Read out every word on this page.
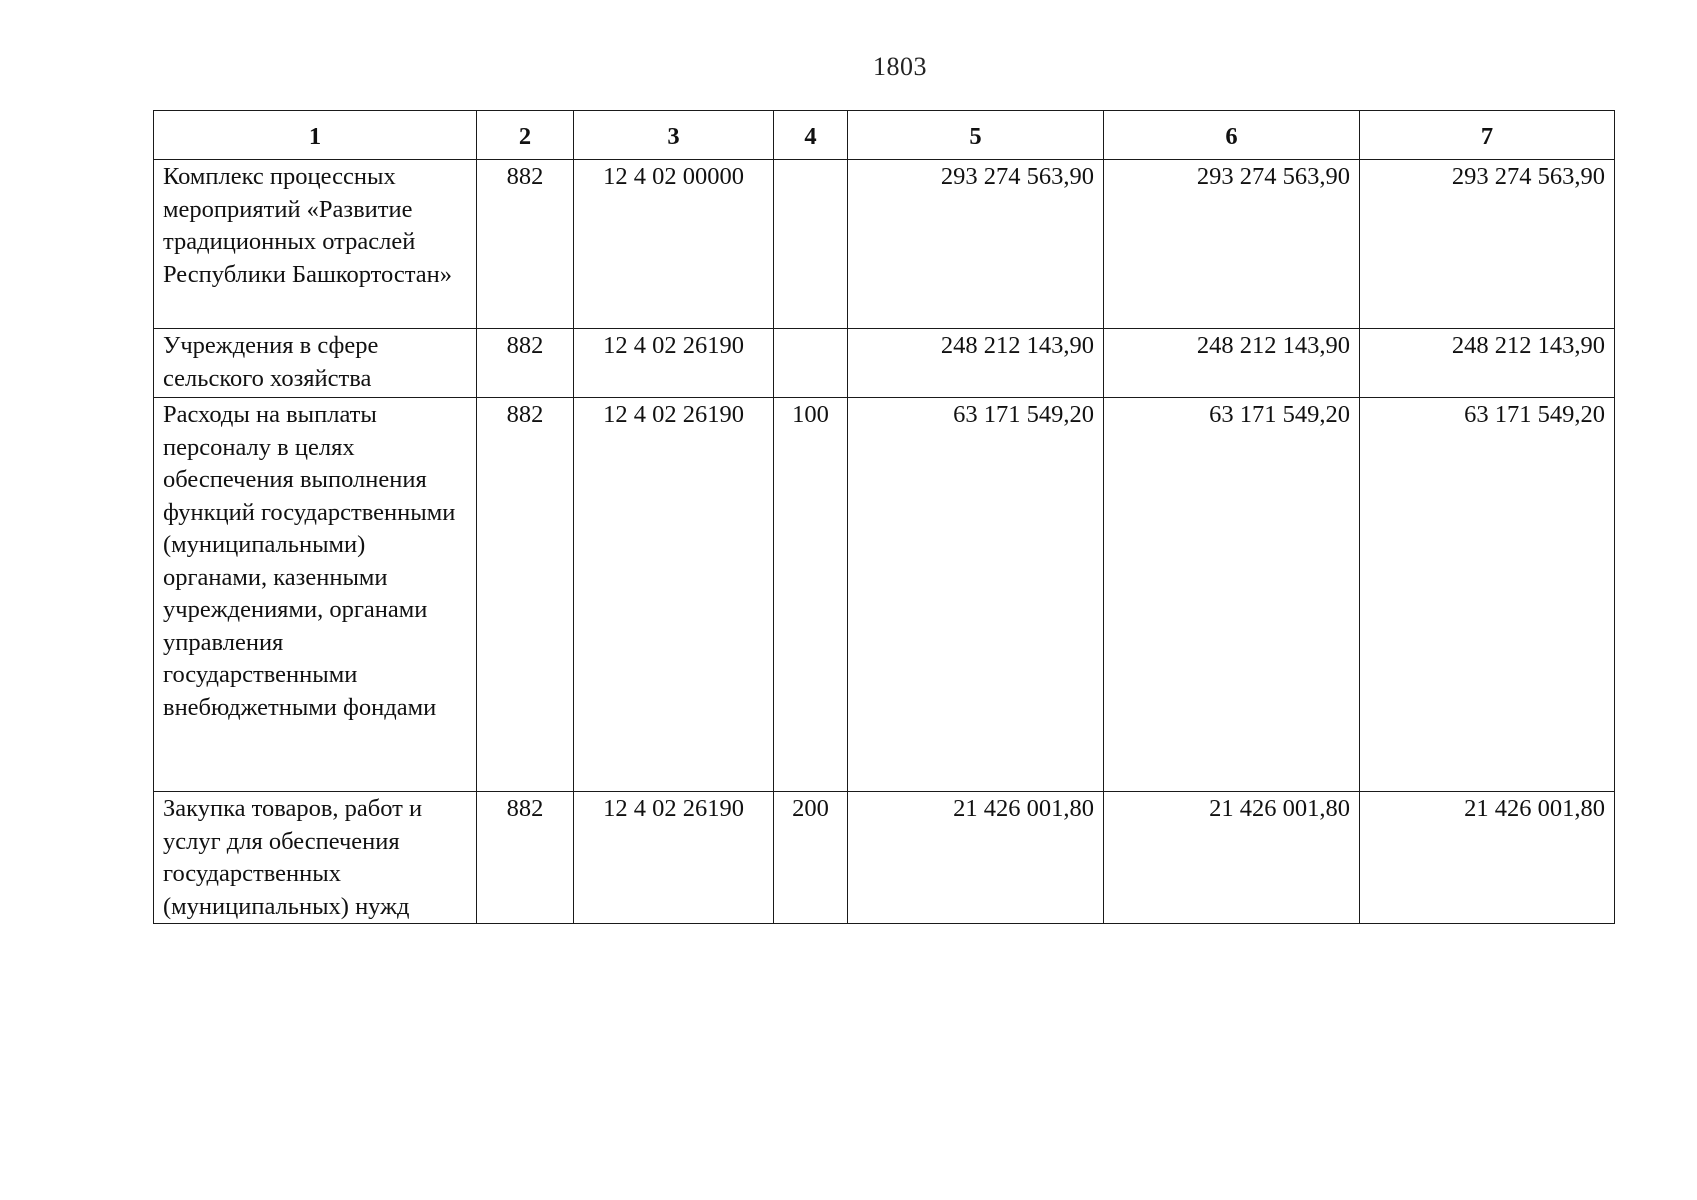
1803
1	2	3	4	5	6	7
Комплекс процессных мероприятий «Развитие традиционных отраслей Республики Башкортостан»	882	12 4 02 00000		293 274 563,90	293 274 563,90	293 274 563,90
Учреждения в сфере сельского хозяйства	882	12 4 02 26190		248 212 143,90	248 212 143,90	248 212 143,90
Расходы на выплаты персоналу в целях обеспечения выполнения функций государственными (муниципальными) органами, казенными учреждениями, органами управления государственными внебюджетными фондами	882	12 4 02 26190	100	63 171 549,20	63 171 549,20	63 171 549,20
Закупка товаров, работ и услуг для обеспечения государственных (муниципальных) нужд	882	12 4 02 26190	200	21 426 001,80	21 426 001,80	21 426 001,80
